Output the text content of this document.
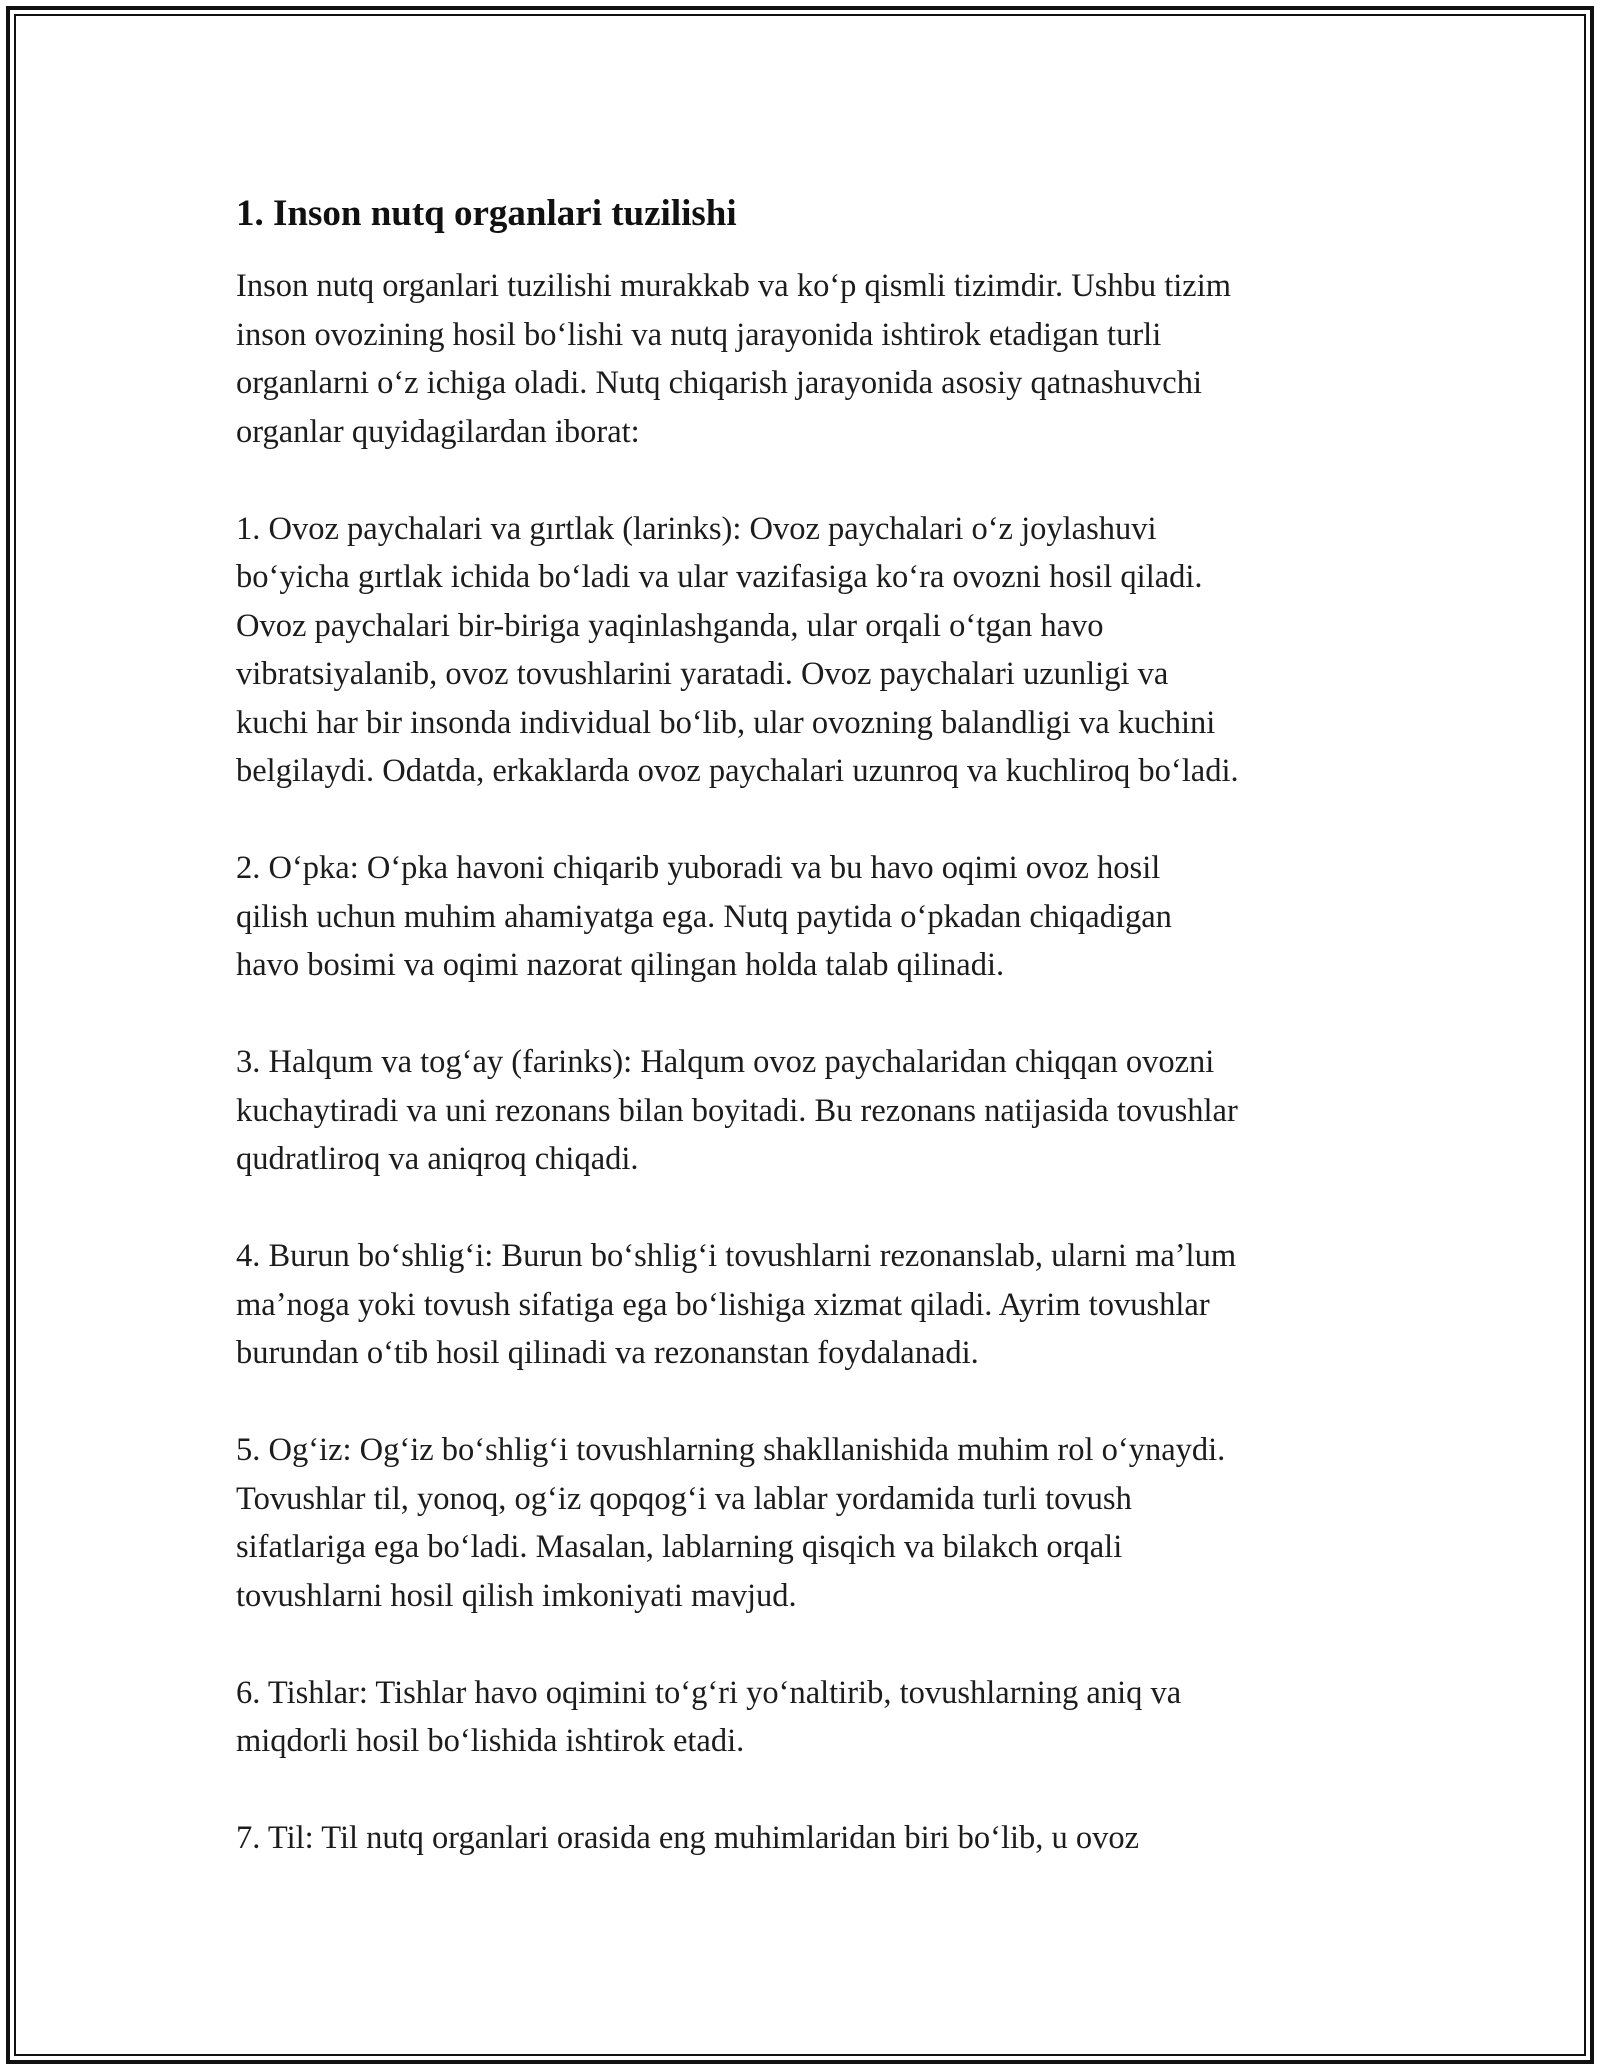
1. Inson nutq organlari tuzilishi

Inson nutq organlari tuzilishi murakkab va koʻp qismli tizimdir. Ushbu tizim
inson ovozining hosil boʻlishi va nutq jarayonida ishtirok etadigan turli
organlarni oʻz ichiga oladi. Nutq chiqarish jarayonida asosiy qatnashuvchi
organlar quyidagilardan iborat:

1. Ovoz paychalari va gırtlak (larinks): Ovoz paychalari oʻz joylashuvi
boʻyicha gırtlak ichida boʻladi va ular vazifasiga koʻra ovozni hosil qiladi.
Ovoz paychalari bir-biriga yaqinlashganda, ular orqali oʻtgan havo
vibratsiyalanib, ovoz tovushlarini yaratadi. Ovoz paychalari uzunligi va
kuchi har bir insonda individual boʻlib, ular ovozning balandligi va kuchini
belgilaydi. Odatda, erkaklarda ovoz paychalari uzunroq va kuchliroq boʻladi.

2. Oʻpka: Oʻpka havoni chiqarib yuboradi va bu havo oqimi ovoz hosil
qilish uchun muhim ahamiyatga ega. Nutq paytida oʻpkadan chiqadigan
havo bosimi va oqimi nazorat qilingan holda talab qilinadi.

3. Halqum va togʻay (farinks): Halqum ovoz paychalaridan chiqqan ovozni
kuchaytiradi va uni rezonans bilan boyitadi. Bu rezonans natijasida tovushlar
qudratliroq va aniqroq chiqadi.

4. Burun boʻshligʻi: Burun boʻshligʻi tovushlarni rezonanslab, ularni maʼlum
maʼnoga yoki tovush sifatiga ega boʻlishiga xizmat qiladi. Ayrim tovushlar
burundan oʻtib hosil qilinadi va rezonanstan foydalanadi.

5. Ogʻiz: Ogʻiz boʻshligʻi tovushlarning shakllanishida muhim rol oʻynaydi.
Tovushlar til, yonoq, ogʻiz qopqogʻi va lablar yordamida turli tovush
sifatlariga ega boʻladi. Masalan, lablarning qisqich va bilakch orqali
tovushlarni hosil qilish imkoniyati mavjud.

6. Tishlar: Tishlar havo oqimini toʻgʻri yoʻnaltirib, tovushlarning aniq va
miqdorli hosil boʻlishida ishtirok etadi.

7. Til: Til nutq organlari orasida eng muhimlaridan biri boʻlib, u ovoz
